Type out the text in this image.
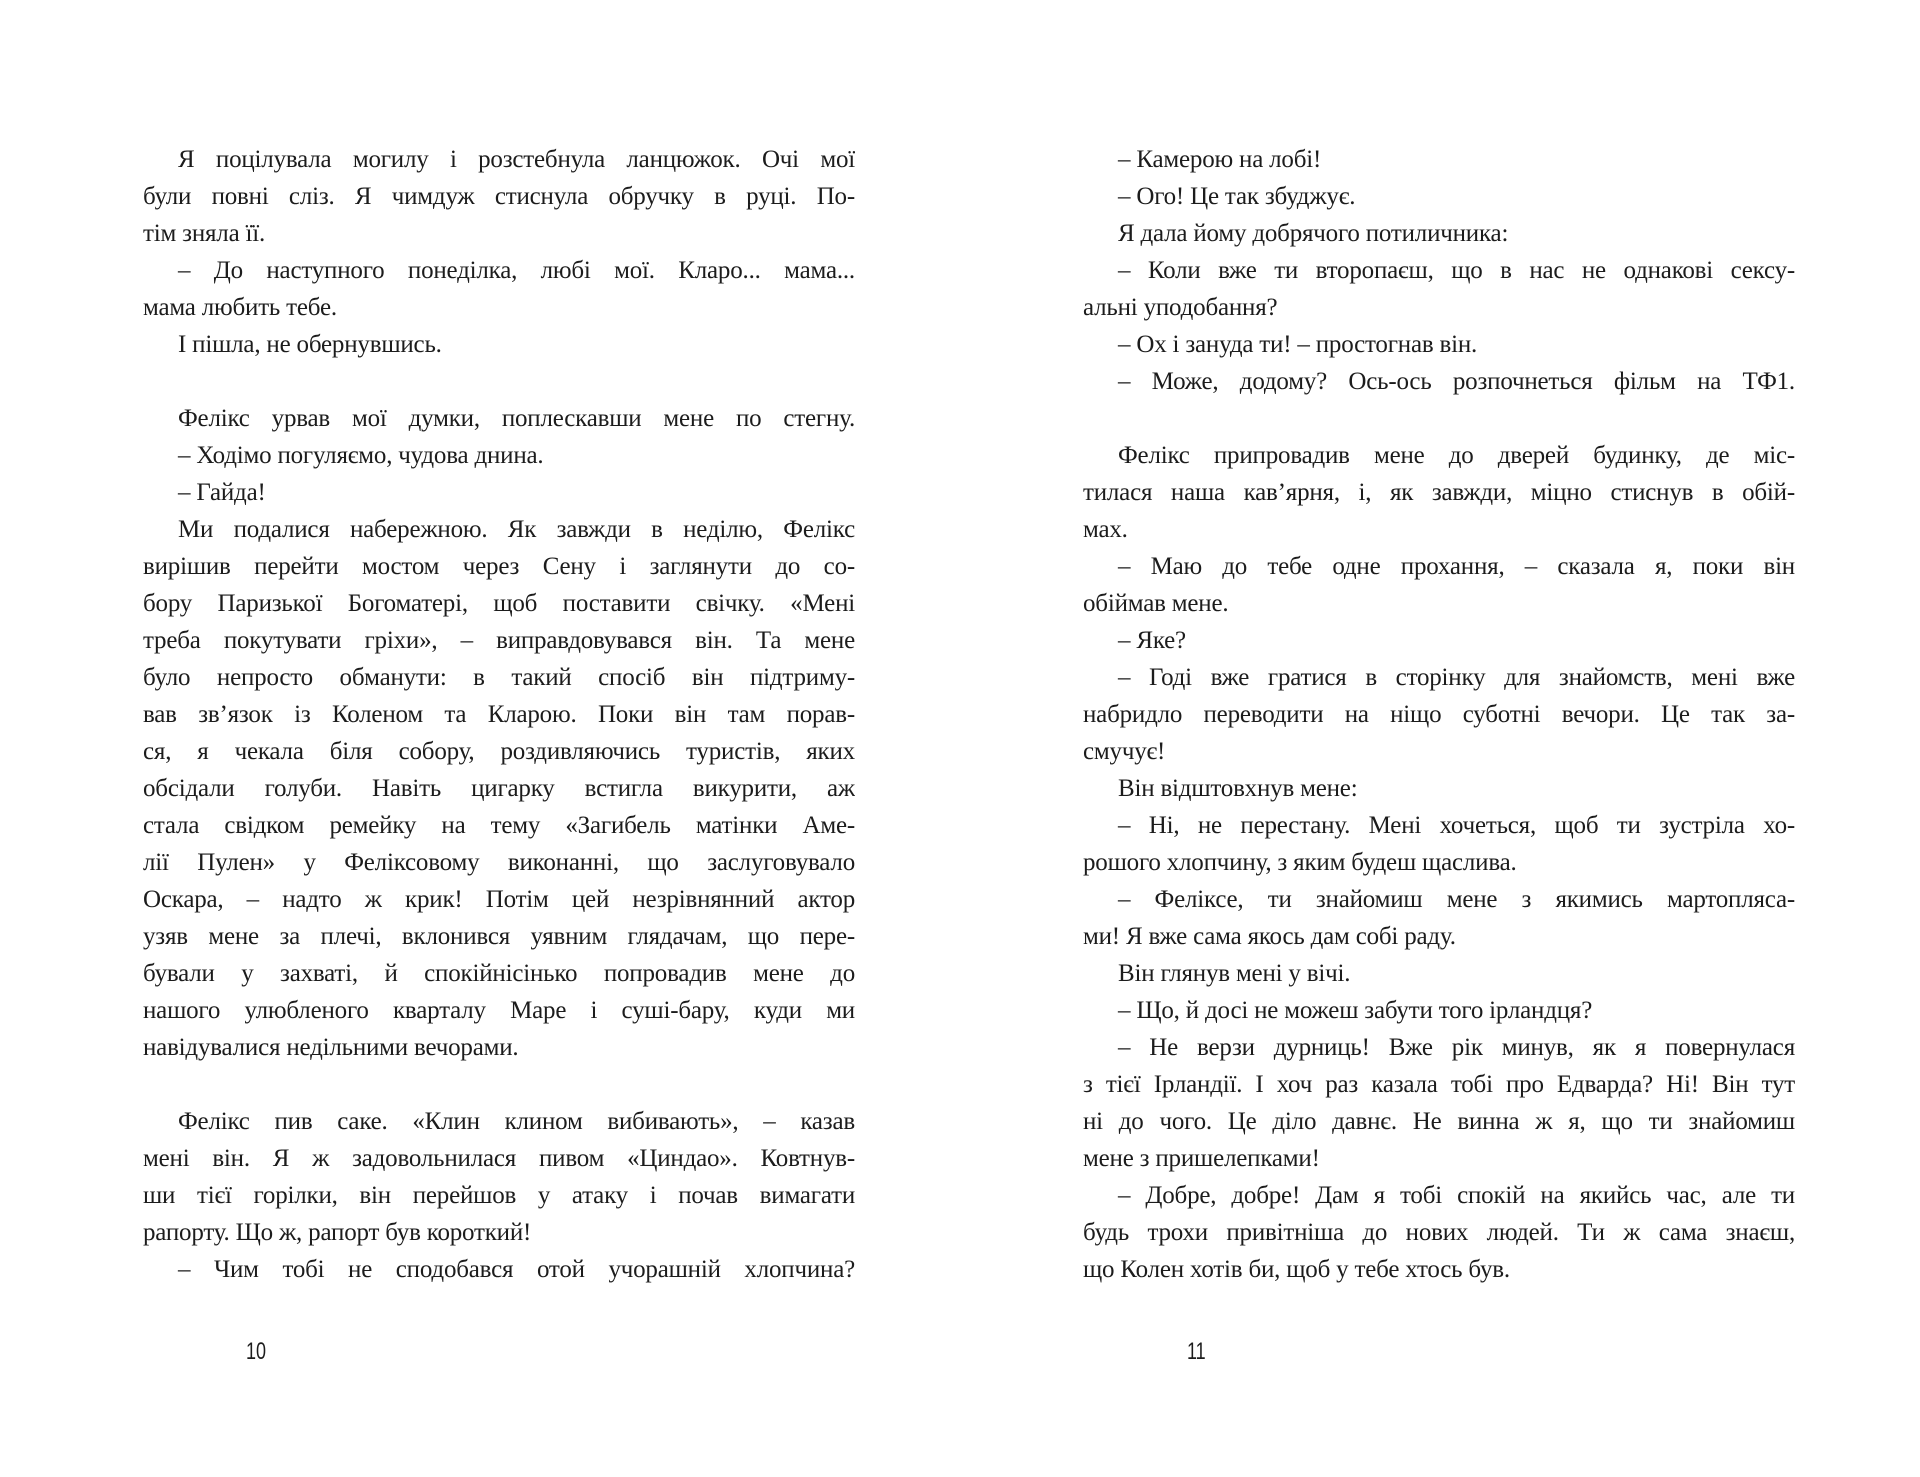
Я поцілувала могилу і розстебнула ланцюжок. Очі мої
були повні сліз. Я чимдуж стиснула обручку в руці. По-
тім зняла її.
– До наступного понеділка, любі мої. Кларо... мама...
мама любить тебе.
І пішла, не обернувшись.
Фелікс урвав мої думки, поплескавши мене по стегну.
– Ходімо погуляємо, чудова днина.
– Гайда!
Ми подалися набережною. Як завжди в неділю, Фелікс
вирішив перейти мостом через Сену і заглянути до со-
бору Паризької Богоматері, щоб поставити свічку. «Мені
треба покутувати гріхи», – виправдовувався він. Та мене
було непросто обманути: в такий спосіб він підтриму-
вав зв’язок із Коленом та Кларою. Поки він там порав-
ся, я чекала біля собору, роздивляючись туристів, яких
обсідали голуби. Навіть цигарку встигла викурити, аж
стала свідком ремейку на тему «Загибель матінки Аме-
лії Пулен» у Феліксовому виконанні, що заслуговувало
Оскара, – надто ж крик! Потім цей незрівнянний актор
узяв мене за плечі, вклонився уявним глядачам, що пере-
бували у захваті, й спокійнісінько попровадив мене до
нашого улюбленого кварталу Маре і суші-бару, куди ми
навідувалися недільними вечорами.
Фелікс пив саке. «Клин клином вибивають», – казав
мені він. Я ж задовольнилася пивом «Циндао». Ковтнув-
ши тієї горілки, він перейшов у атаку і почав вимагати
рапорту. Що ж, рапорт був короткий!
– Чим тобі не сподобався отой учорашній хлопчина?
– Камерою на лобі!
– Ого! Це так збуджує.
Я дала йому добрячого потиличника:
– Коли вже ти второпаєш, що в нас не однакові сексу-
альні уподобання?
– Ох і зануда ти! – простогнав він.
– Може, додому? Ось-ось розпочнеться фільм на ТФ1.
Фелікс припровадив мене до дверей будинку, де міс-
тилася наша кав’ярня, і, як завжди, міцно стиснув в обій-
мах.
– Маю до тебе одне прохання, – сказала я, поки він
обіймав мене.
– Яке?
– Годі вже гратися в сторінку для знайомств, мені вже
набридло переводити на ніщо суботні вечори. Це так за-
смучує!
Він відштовхнув мене:
– Ні, не перестану. Мені хочеться, щоб ти зустріла хо-
рошого хлопчину, з яким будеш щаслива.
– Феліксе, ти знайомиш мене з якимись мартопляса-
ми! Я вже сама якось дам собі раду.
Він глянув мені у вічі.
– Що, й досі не можеш забути того ірландця?
– Не верзи дурниць! Вже рік минув, як я повернулася
з тієї Ірландії. І хоч раз казала тобі про Едварда? Ні! Він тут
ні до чого. Це діло давнє. Не винна ж я, що ти знайомиш
мене з пришелепками!
– Добре, добре! Дам я тобі спокій на якийсь час, але ти
будь трохи привітніша до нових людей. Ти ж сама знаєш,
що Колен хотів би, щоб у тебе хтось був.
10	11
